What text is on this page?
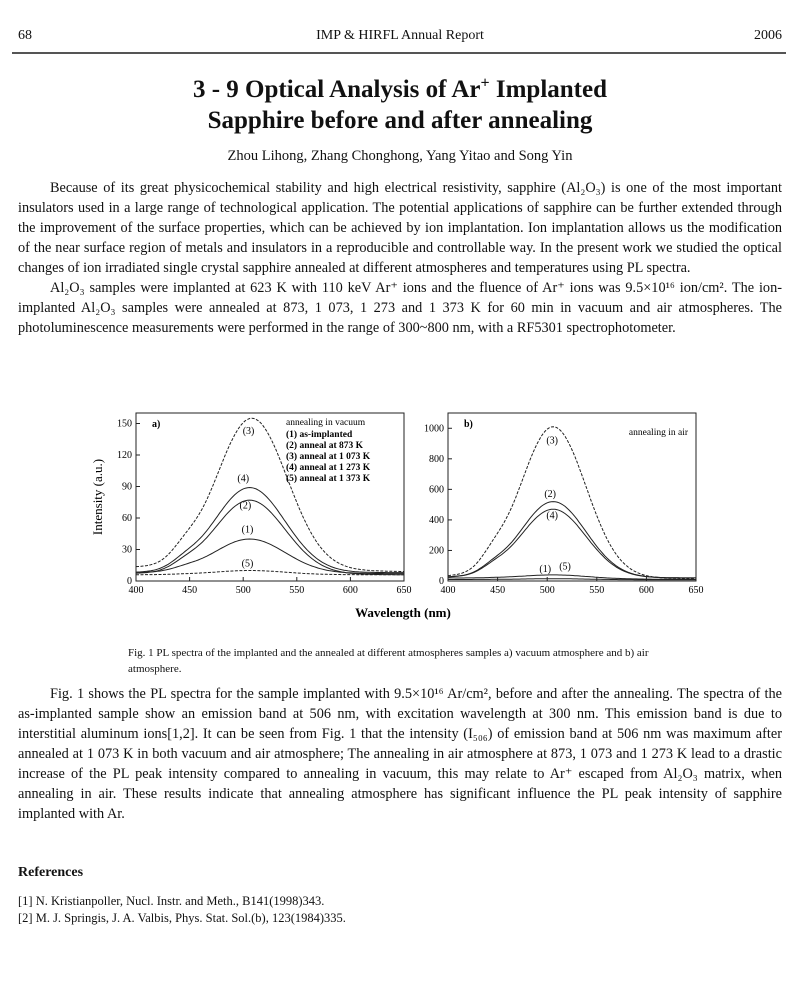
68	IMP & HIRFL Annual Report	2006
3 - 9 Optical Analysis of Ar+ Implanted
Sapphire before and after annealing
Zhou Lihong, Zhang Chonghong, Yang Yitao and Song Yin

Because of its great physicochemical stability and high electrical resistivity, sapphire (Al₂O₃) is one of the most important insulators used in a large range of technological application. The potential applications of sapphire can be further extended through the improvement of the surface properties, which can be achieved by ion implantation. Ion implantation allows us the modification of the near surface region of metals and insulators in a reproducible and controllable way. In the present work we studied the optical changes of ion irradiated single crystal sapphire annealed at different atmospheres and temperatures using PL spectra.

Al₂O₃ samples were implanted at 623 K with 110 keV Ar⁺ ions and the fluence of Ar⁺ ions was 9.5×10¹⁶ ion/cm². The ion-implanted Al₂O₃ samples were annealed at 873, 1 073, 1 273 and 1 373 K for 60 min in vacuum and air atmospheres. The photoluminescence measurements were performed in the range of 300~800 nm, with a RF5301 spectrophotometer.

Intensity (a.u.)
Wavelength (nm)
400	450	500	550	600	650
0
30
60
90
120
150 a)
(1)
(2)
(3)
(4)
(5)
annealing in vacuum
(1) as-implanted
(2) anneal at 873 K
(3) anneal at 1 073 K
(4) anneal at 1 273 K
(5) anneal at 1 373 K
400	450	500	550	600	650
0
200
400
600
800
1000 b)
(1)
(2)
(3)
(4)
(5)
annealing in air
Fig. 1 PL spectra of the implanted and the annealed at different atmospheres samples a) vacuum atmosphere and b) air atmosphere.

Fig. 1 shows the PL spectra for the sample implanted with 9.5×10¹⁶ Ar/cm², before and after the annealing. The spectra of the as-implanted sample show an emission band at 506 nm, with excitation wavelength at 300 nm. This emission band is due to interstitial aluminum ions[1,2]. It can be seen from Fig. 1 that the intensity (I₅₀₆) of emission band at 506 nm was maximum after annealed at 1 073 K in both vacuum and air atmosphere; The annealing in air atmosphere at 873, 1 073 and 1 273 K lead to a drastic increase of the PL peak intensity compared to annealing in vacuum, this may relate to Ar⁺ escaped from Al₂O₃ matrix, when annealing in air. These results indicate that annealing atmosphere has significant influence the PL peak intensity of sapphire implanted with Ar.

References
[1] N. Kristianpoller, Nucl. Instr. and Meth., B141(1998)343.
[2] M. J. Springis, J. A. Valbis, Phys. Stat. Sol.(b), 123(1984)335.
